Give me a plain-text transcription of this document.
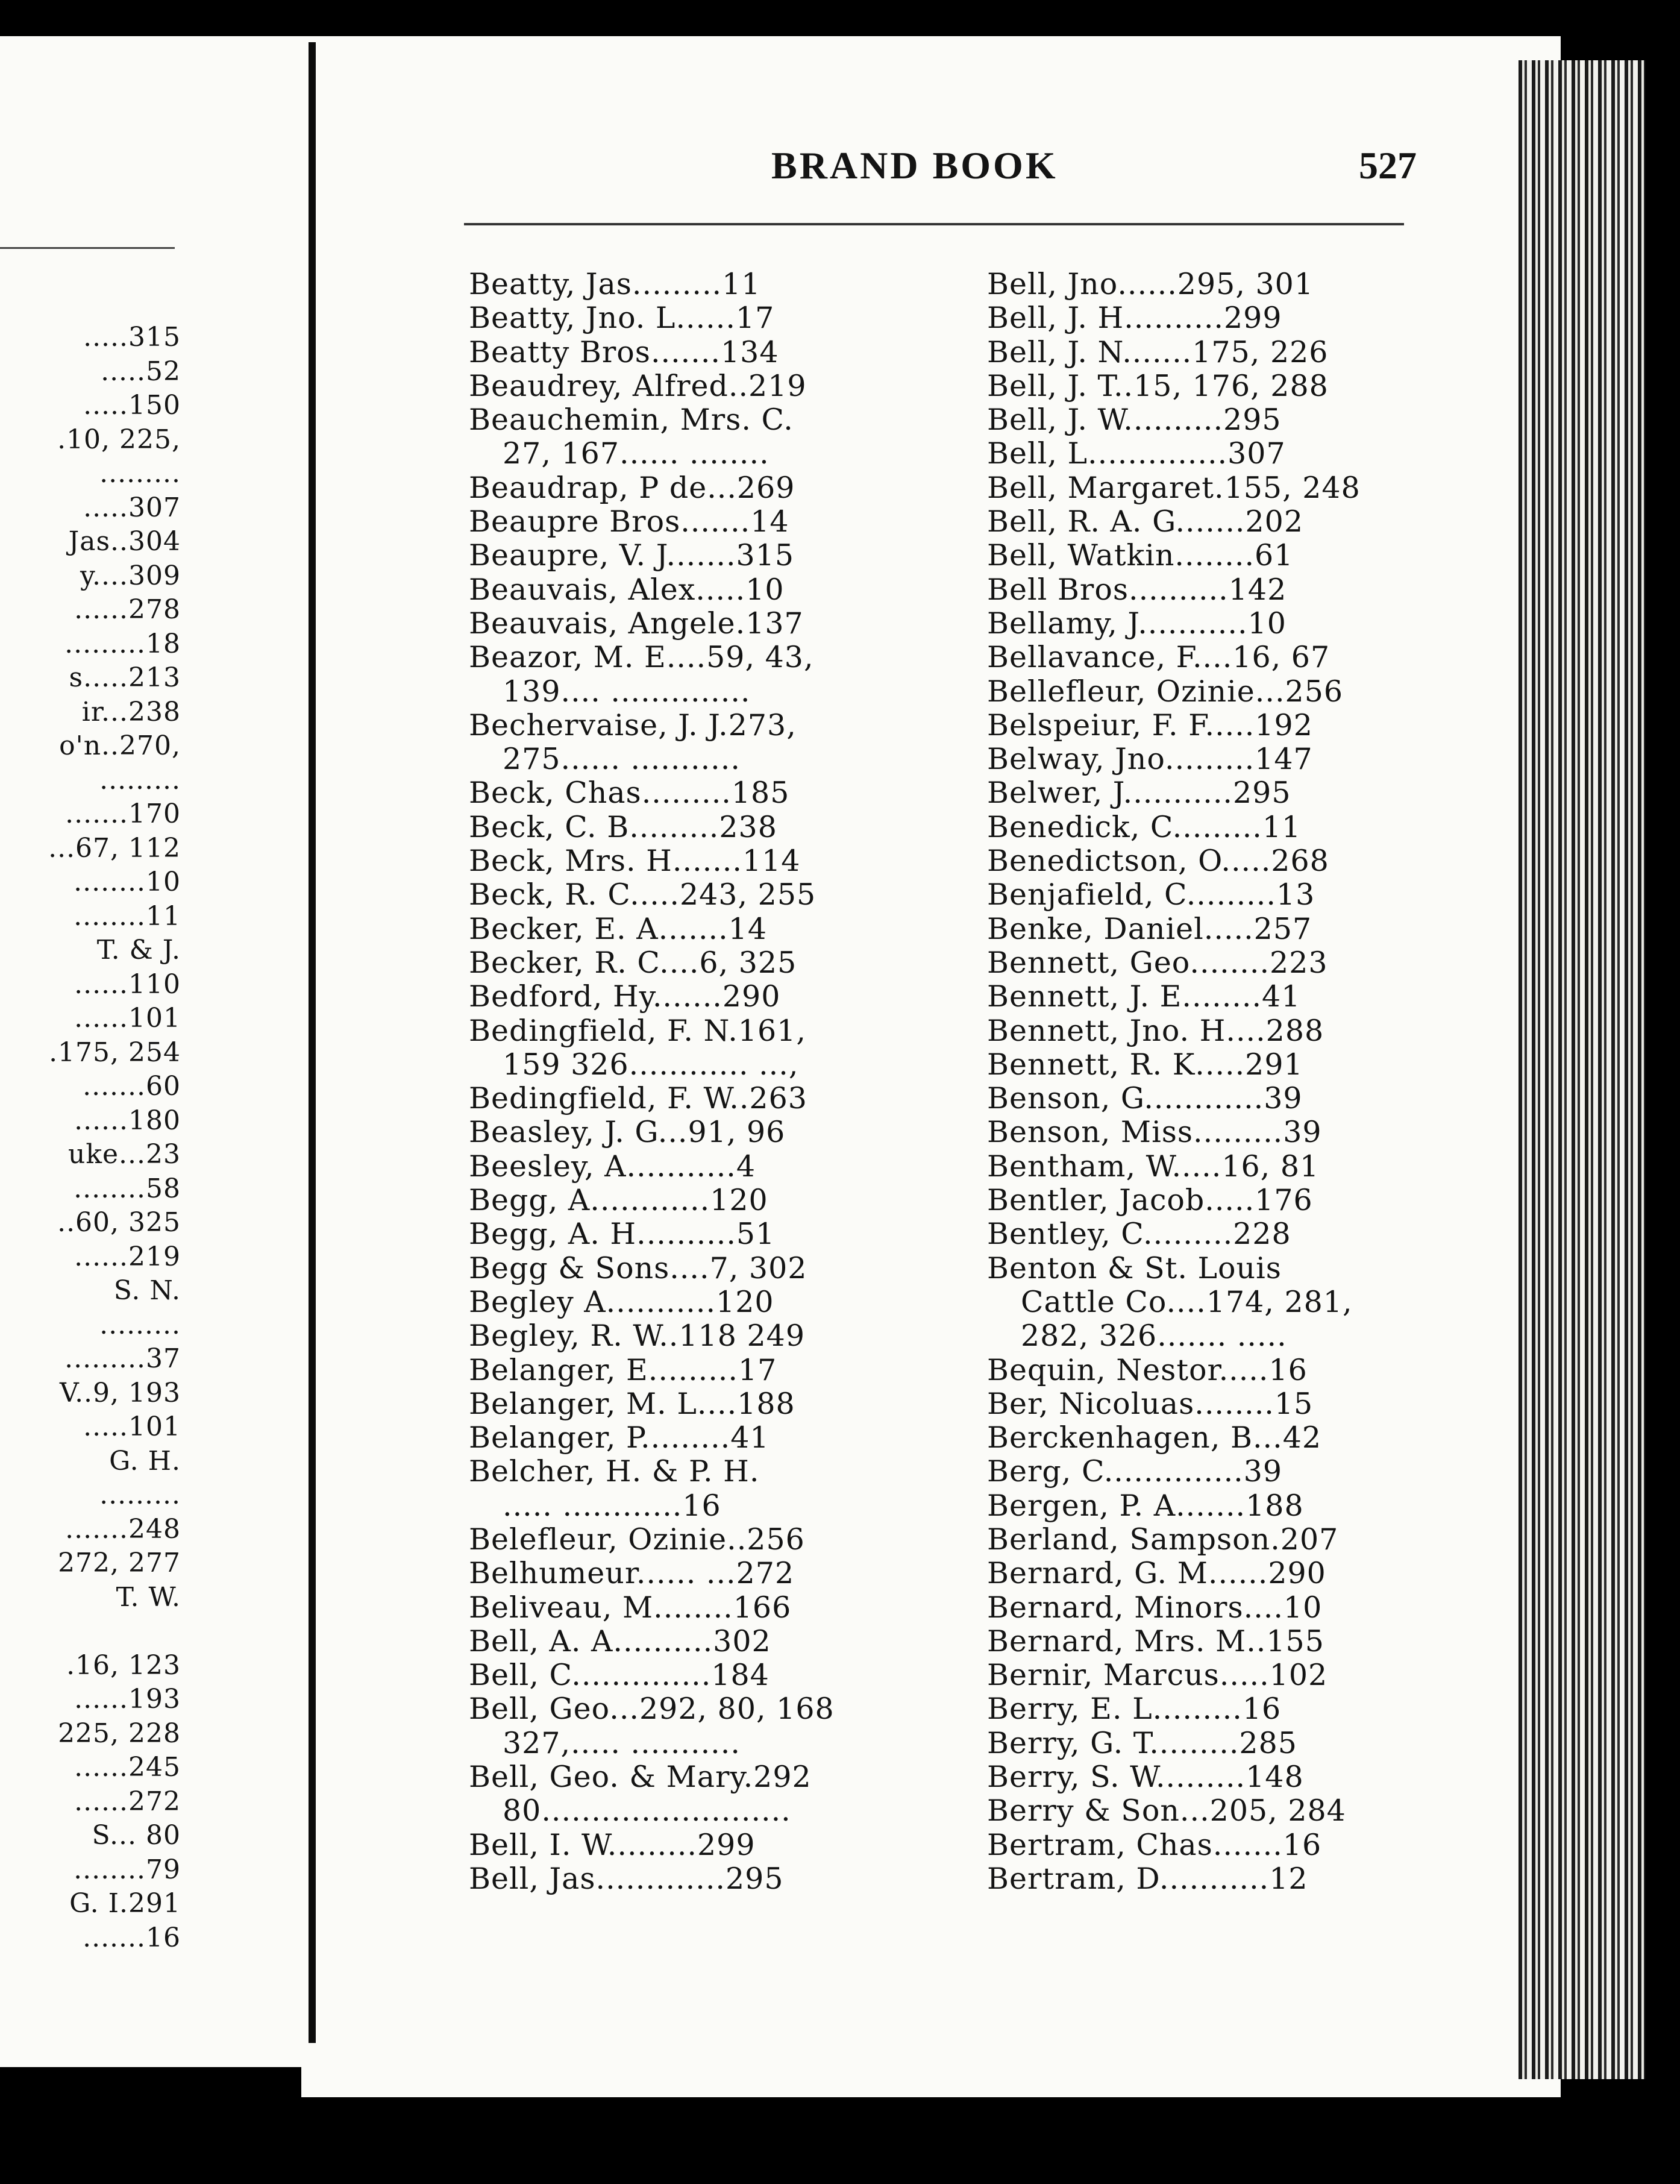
.....315
.....52
.....150
.10, 225,
.........
.....307
Jas..304
y....309
......278
.........18
s.....213
ir...238
o'n..270,
.........
.......170
...67, 112
........10
........11
T. & J.
......110
......101
.175, 254
.......60
......180
uke...23
........58
..60, 325
......219
S. N.
.........
.........37
V..9, 193
.....101
G. H.
.........
.......248
272, 277
T. W.
.16, 123
......193
225, 228
......245
......272
S... 80
........79
G. I.291
.......16
BRAND BOOK	527
Beatty, Jas.........11
Beatty, Jno. L......17
Beatty Bros.......134
Beaudrey, Alfred..219
Beauchemin, Mrs. C.
27, 167...... ........
Beaudrap, P de...269
Beaupre Bros.......14
Beaupre, V. J.......315
Beauvais, Alex.....10
Beauvais, Angele.137
Beazor, M. E....59, 43,
139.... ..............
Bechervaise, J. J.273,
275...... ...........
Beck, Chas.........185
Beck, C. B.........238
Beck, Mrs. H.......114
Beck, R. C.....243, 255
Becker, E. A.......14
Becker, R. C....6, 325
Bedford, Hy.......290
Bedingfield, F. N.161,
159 326............ ...,
Bedingfield, F. W..263
Beasley, J. G...91, 96
Beesley, A...........4
Begg, A............120
Begg, A. H..........51
Begg & Sons....7, 302
Begley A...........120
Begley, R. W..118 249
Belanger, E.........17
Belanger, M. L....188
Belanger, P.........41
Belcher, H. & P. H.
..... ............16
Belefleur, Ozinie..256
Belhumeur...... ...272
Beliveau, M........166
Bell, A. A..........302
Bell, C..............184
Bell, Geo...292, 80, 168
327,..... ...........
Bell, Geo. & Mary.292
80.........................
Bell, I. W.........299
Bell, Jas.............295
Bell, Jno......295, 301
Bell, J. H..........299
Bell, J. N.......175, 226
Bell, J. T..15, 176, 288
Bell, J. W..........295
Bell, L..............307
Bell, Margaret.155, 248
Bell, R. A. G.......202
Bell, Watkin........61
Bell Bros..........142
Bellamy, J...........10
Bellavance, F....16, 67
Bellefleur, Ozinie...256
Belspeiur, F. F.....192
Belway, Jno.........147
Belwer, J...........295
Benedick, C.........11
Benedictson, O.....268
Benjafield, C.........13
Benke, Daniel.....257
Bennett, Geo........223
Bennett, J. E........41
Bennett, Jno. H....288
Bennett, R. K.....291
Benson, G............39
Benson, Miss.........39
Bentham, W.....16, 81
Bentler, Jacob.....176
Bentley, C.........228
Benton & St. Louis
Cattle Co....174, 281,
282, 326....... .....
Bequin, Nestor.....16
Ber, Nicoluas........15
Berckenhagen, B...42
Berg, C..............39
Bergen, P. A.......188
Berland, Sampson.207
Bernard, G. M......290
Bernard, Minors....10
Bernard, Mrs. M..155
Bernir, Marcus.....102
Berry, E. L.........16
Berry, G. T.........285
Berry, S. W.........148
Berry & Son...205, 284
Bertram, Chas.......16
Bertram, D...........12
